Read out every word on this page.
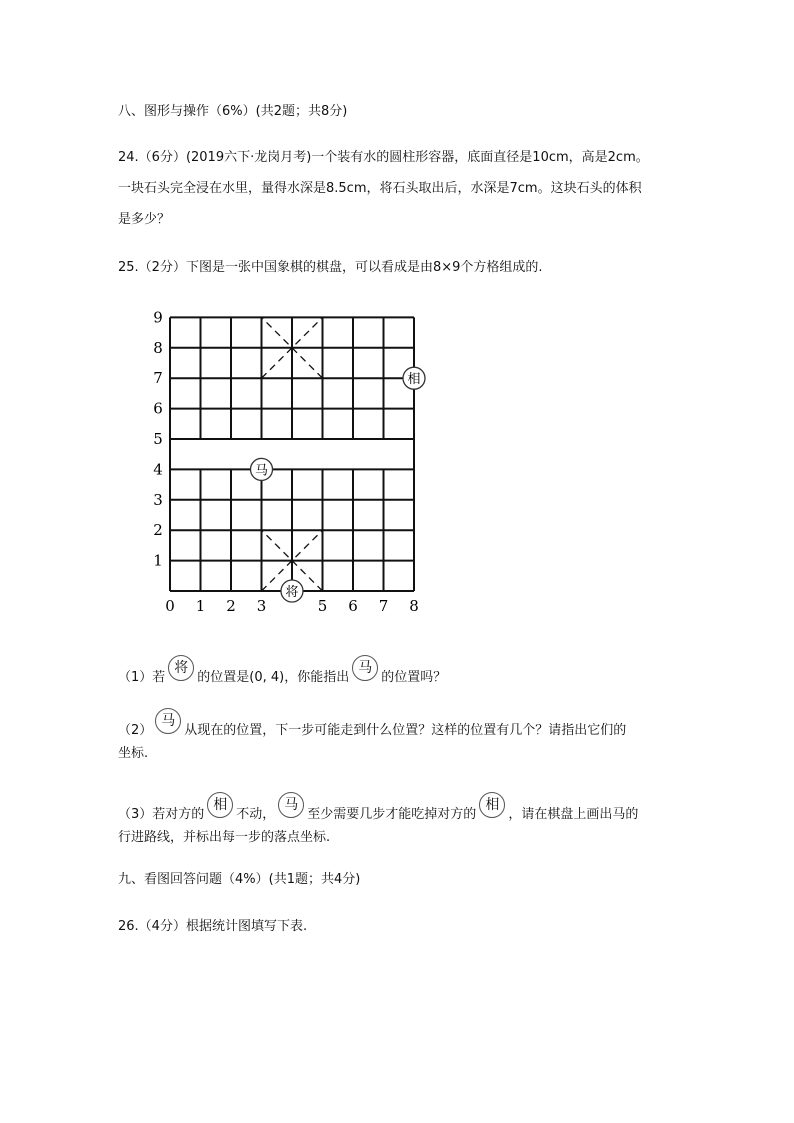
八、图形与操作（6%）(共2题；共8分)
24.（6分）(2019六下·龙岗月考)一个装有水的圆柱形容器，底面直径是10cm，高是2cm。
一块石头完全浸在水里，量得水深是8.5cm，将石头取出后，水深是7cm。这块石头的体积
是多少？
25.（2分）下图是一张中国象棋的棋盘，可以看成是由8×9个方格组成的.
0 1 2 3	5 6 7 8
1
2
3
4
5
6
7
8
9
相
马
将
（1）若将的位置是(0, 4)，你能指出马的位置吗？
（2）马从现在的位置，下一步可能走到什么位置？这样的位置有几个？请指出它们的
坐标.
（3）若对方的相不动，马至少需要几步才能吃掉对方的相，请在棋盘上画出马的
行进路线，并标出每一步的落点坐标.
九、看图回答问题（4%）(共1题；共4分)
26.（4分）根据统计图填写下表.
